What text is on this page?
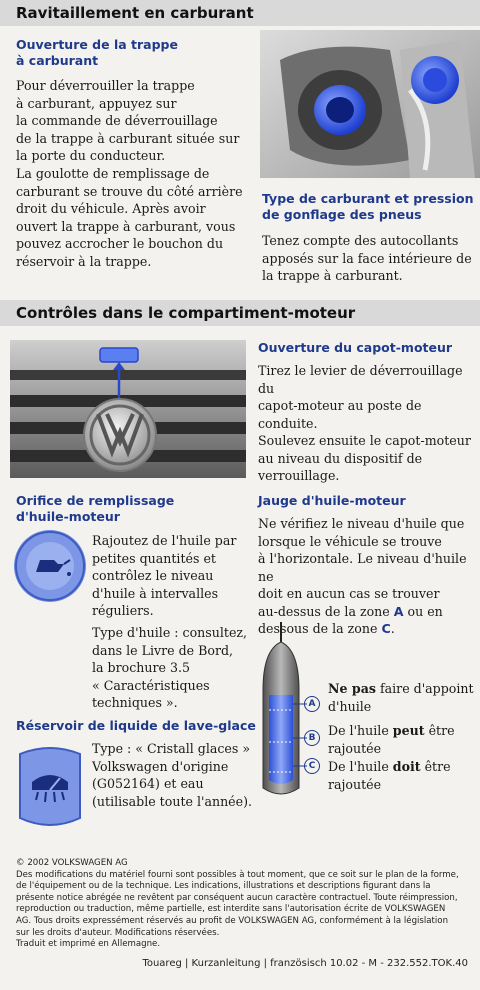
Ravitaillement en carburant
Ouverture de la trappe
à carburant
Pour déverrouiller la trappe
à carburant, appuyez sur
la commande de déverrouillage
de la trappe à carburant située sur
la porte du conducteur.
La goulotte de remplissage de
carburant se trouve du côté arrière
droit du véhicule. Après avoir
ouvert la trappe à carburant, vous
pouvez accrocher le bouchon du
réservoir à la trappe.
Type de carburant et pression
de gonflage des pneus
Tenez compte des autocollants
apposés sur la face intérieure de
la trappe à carburant.
Contrôles dans le compartiment-moteur
Ouverture du capot-moteur
Tirez le levier de déverrouillage du
capot-moteur au poste de conduite.
Soulevez ensuite le capot-moteur
au niveau du dispositif de
verrouillage.
Orifice de remplissage
d'huile-moteur
Rajoutez de l'huile par
petites quantités et
contrôlez le niveau
d'huile à intervalles
réguliers.
Type d'huile : consultez,
dans le Livre de Bord,
la brochure 3.5
« Caractéristiques
techniques ».
Jauge d'huile-moteur
Ne vérifiez le niveau d'huile que
lorsque le véhicule se trouve
à l'horizontale. Le niveau d'huile ne
doit en aucun cas se trouver
au-dessus de la zone A ou en
dessous de la zone C.
A
B
C
Ne pas faire d'appoint
d'huile
De l'huile peut être
rajoutée
De l'huile doit être
rajoutée
Réservoir de liquide de lave-glace
Type : « Cristall glaces »
Volkswagen d'origine
(G052164) et eau
(utilisable toute l'année).
© 2002 VOLKSWAGEN AG
Des modifications du matériel fourni sont possibles à tout moment, que ce soit sur le plan de la forme,
de l'équipement ou de la technique. Les indications, illustrations et descriptions figurant dans la
présente notice abrégée ne revêtent par conséquent aucun caractère contractuel. Toute réimpression,
reproduction ou traduction, même partielle, est interdite sans l'autorisation écrite de VOLKSWAGEN
AG. Tous droits expressément réservés au profit de VOLKSWAGEN AG, conformément à la législation
sur les droits d'auteur. Modifications réservées.
Traduit et imprimé en Allemagne.
Touareg | Kurzanleitung | französisch 10.02 - M - 232.552.TOK.40
